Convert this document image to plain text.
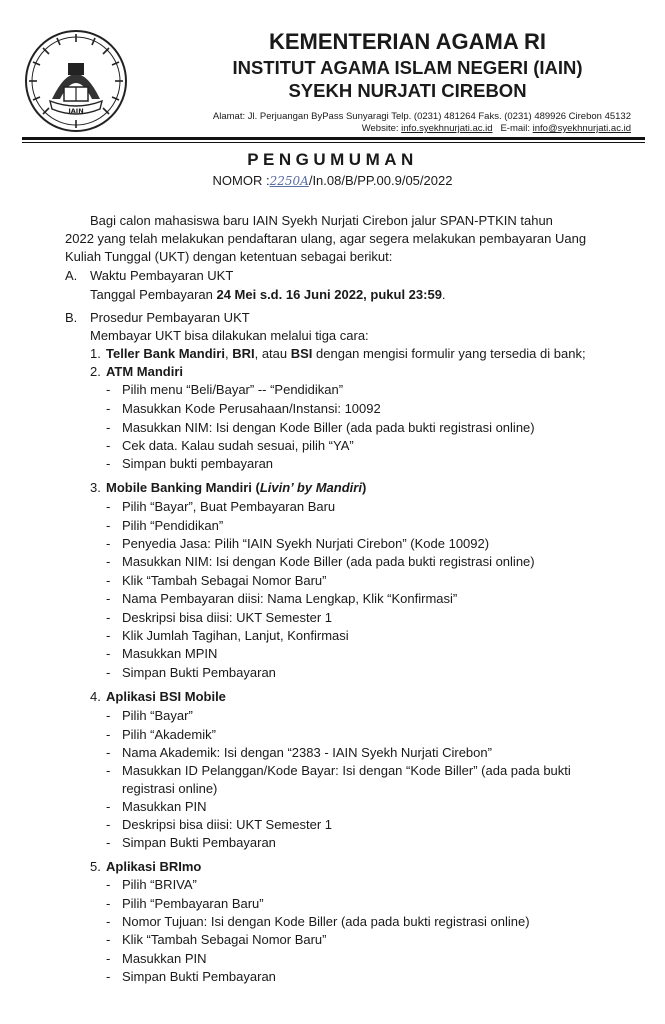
IAIN
KEMENTERIAN AGAMA RI
INSTITUT AGAMA ISLAM NEGERI (IAIN)
SYEKH NURJATI CIREBON
Alamat: Jl. Perjuangan ByPass Sunyaragi Telp. (0231) 481264 Faks. (0231) 489926 Cirebon 45132
Website: info.syekhnurjati.ac.id E-mail: info@syekhnurjati.ac.id
PENGUMUMAN
NOMOR :2250A/In.08/B/PP.00.9/05/2022
Bagi calon mahasiswa baru IAIN Syekh Nurjati Cirebon jalur SPAN-PTKIN tahun
2022 yang telah melakukan pendaftaran ulang, agar segera melakukan pembayaran Uang
Kuliah Tunggal (UKT) dengan ketentuan sebagai berikut:
A. Waktu Pembayaran UKT
Tanggal Pembayaran 24 Mei s.d. 16 Juni 2022, pukul 23:59.
B. Prosedur Pembayaran UKT
Membayar UKT bisa dilakukan melalui tiga cara:
1. Teller Bank Mandiri, BRI, atau BSI dengan mengisi formulir yang tersedia di bank;
2. ATM Mandiri
- Pilih menu “Beli/Bayar” -- “Pendidikan”
- Masukkan Kode Perusahaan/Instansi: 10092
- Masukkan NIM: Isi dengan Kode Biller (ada pada bukti registrasi online)
- Cek data. Kalau sudah sesuai, pilih “YA”
- Simpan bukti pembayaran
3. Mobile Banking Mandiri (Livin’ by Mandiri)
- Pilih “Bayar”, Buat Pembayaran Baru
- Pilih “Pendidikan”
- Penyedia Jasa: Pilih “IAIN Syekh Nurjati Cirebon” (Kode 10092)
- Masukkan NIM: Isi dengan Kode Biller (ada pada bukti registrasi online)
- Klik “Tambah Sebagai Nomor Baru”
- Nama Pembayaran diisi: Nama Lengkap, Klik “Konfirmasi”
- Deskripsi bisa diisi: UKT Semester 1
- Klik Jumlah Tagihan, Lanjut, Konfirmasi
- Masukkan MPIN
- Simpan Bukti Pembayaran
4. Aplikasi BSI Mobile
- Pilih “Bayar”
- Pilih “Akademik”
- Nama Akademik: Isi dengan “2383 - IAIN Syekh Nurjati Cirebon”
- Masukkan ID Pelanggan/Kode Bayar: Isi dengan “Kode Biller” (ada pada bukti
registrasi online)
- Masukkan PIN
- Deskripsi bisa diisi: UKT Semester 1
- Simpan Bukti Pembayaran
5. Aplikasi BRImo
- Pilih “BRIVA”
- Pilih “Pembayaran Baru”
- Nomor Tujuan: Isi dengan Kode Biller (ada pada bukti registrasi online)
- Klik “Tambah Sebagai Nomor Baru”
- Masukkan PIN
- Simpan Bukti Pembayaran
